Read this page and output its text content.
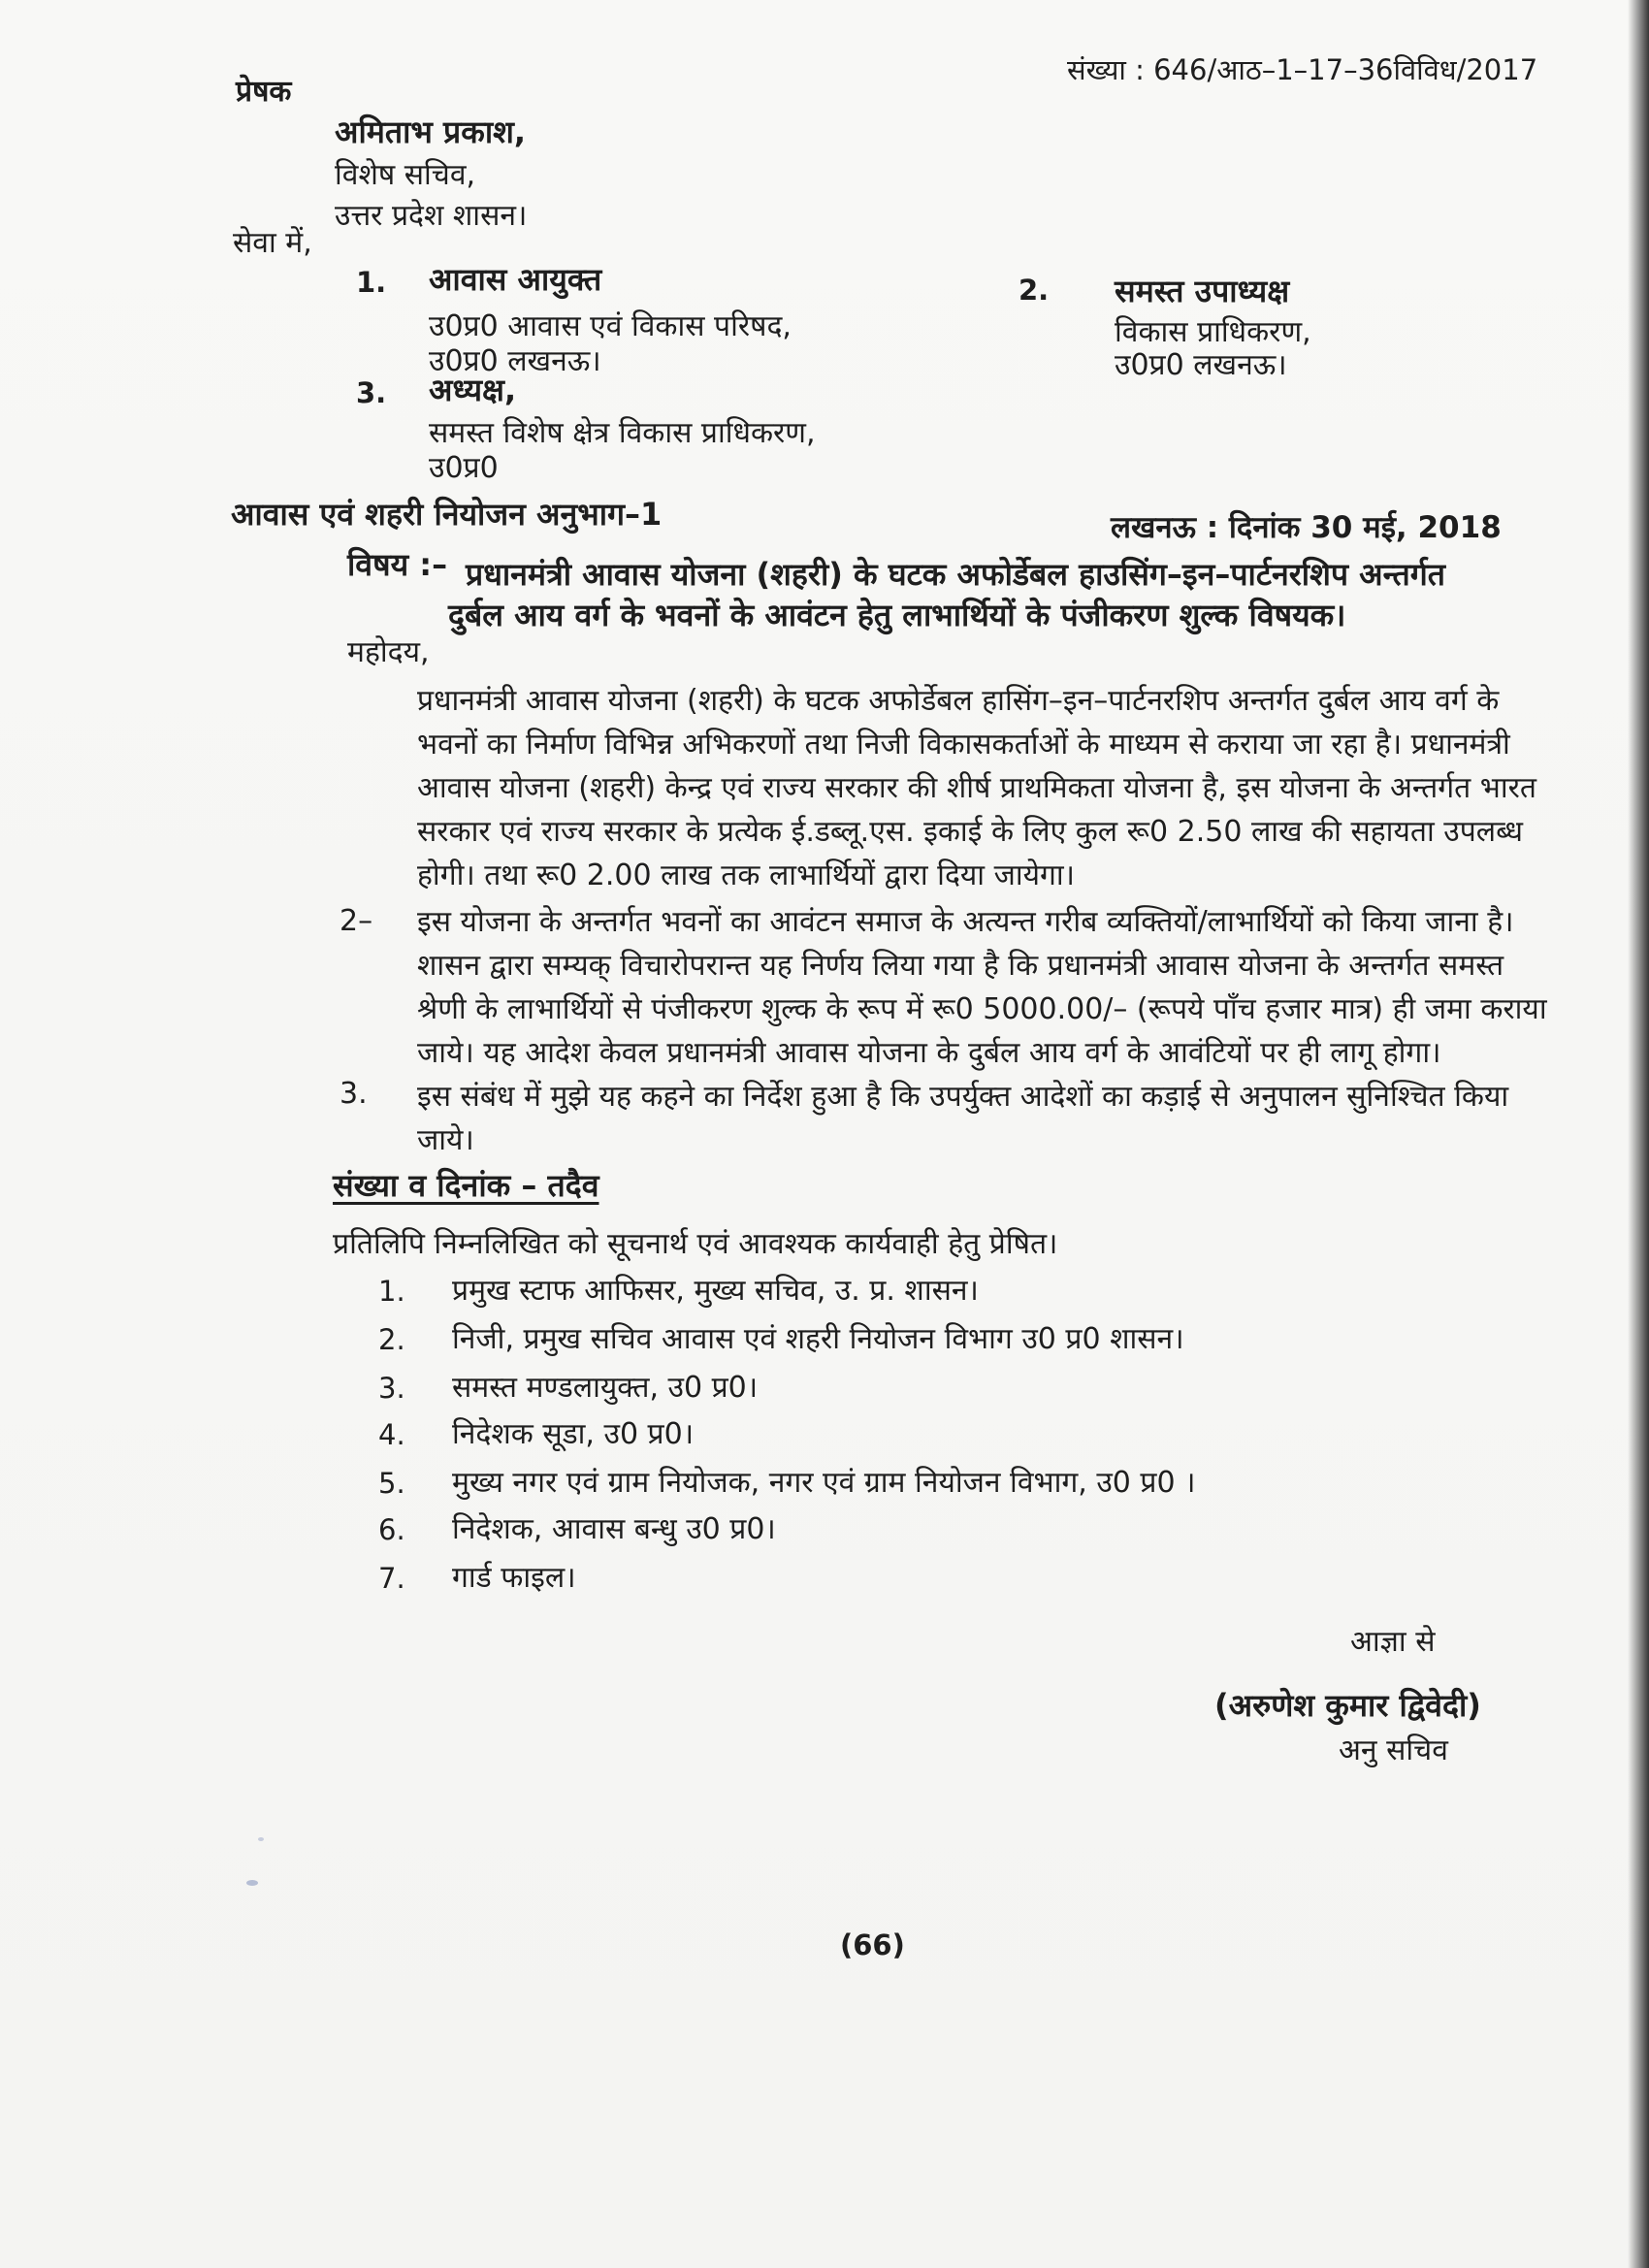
संख्या : 646/आठ–1–17–36विविध/2017
प्रेषक
अमिताभ प्रकाश,
विशेष सचिव,
उत्तर प्रदेश शासन।
सेवा में,
1. आवास आयुक्त
उ0प्र0 आवास एवं विकास परिषद,
उ0प्र0 लखनऊ।
2. समस्त उपाध्यक्ष
विकास प्राधिकरण,
उ0प्र0 लखनऊ।
3. अध्यक्ष,
समस्त विशेष क्षेत्र विकास प्राधिकरण,
उ0प्र0
आवास एवं शहरी नियोजन अनुभाग–1	लखनऊ : दिनांक 30 मई, 2018
विषय :– प्रधानमंत्री आवास योजना (शहरी) के घटक अफोर्डेबल हाउसिंग–इन–पार्टनरशिप अन्तर्गत
दुर्बल आय वर्ग के भवनों के आवंटन हेतु लाभार्थियों के पंजीकरण शुल्क विषयक।
महोदय,
प्रधानमंत्री आवास योजना (शहरी) के घटक अफोर्डेबल हासिंग–इन–पार्टनरशिप अन्तर्गत दुर्बल आय वर्ग के
भवनों का निर्माण विभिन्न अभिकरणों तथा निजी विकासकर्ताओं के माध्यम से कराया जा रहा है। प्रधानमंत्री
आवास योजना (शहरी) केन्द्र एवं राज्य सरकार की शीर्ष प्राथमिकता योजना है, इस योजना के अन्तर्गत भारत
सरकार एवं राज्य सरकार के प्रत्येक ई.डब्लू.एस. इकाई के लिए कुल रू0 2.50 लाख की सहायता उपलब्ध
होगी। तथा रू0 2.00 लाख तक लाभार्थियों द्वारा दिया जायेगा।
2– इस योजना के अन्तर्गत भवनों का आवंटन समाज के अत्यन्त गरीब व्यक्तियों/लाभार्थियों को किया जाना है।
शासन द्वारा सम्यक् विचारोपरान्त यह निर्णय लिया गया है कि प्रधानमंत्री आवास योजना के अन्तर्गत समस्त
श्रेणी के लाभार्थियों से पंजीकरण शुल्क के रूप में रू0 5000.00/– (रूपये पाँच हजार मात्र) ही जमा कराया
जाये। यह आदेश केवल प्रधानमंत्री आवास योजना के दुर्बल आय वर्ग के आवंटियों पर ही लागू होगा।
3. इस संबंध में मुझे यह कहने का निर्देश हुआ है कि उपर्युक्त आदेशों का कड़ाई से अनुपालन सुनिश्चित किया
जाये।
संख्या व दिनांक – तदैव
प्रतिलिपि निम्नलिखित को सूचनार्थ एवं आवश्यक कार्यवाही हेतु प्रेषित।
1. प्रमुख स्टाफ आफिसर, मुख्य सचिव, उ. प्र. शासन।
2. निजी, प्रमुख सचिव आवास एवं शहरी नियोजन विभाग उ0 प्र0 शासन।
3. समस्त मण्डलायुक्त, उ0 प्र0।
4. निदेशक सूडा, उ0 प्र0।
5. मुख्य नगर एवं ग्राम नियोजक, नगर एवं ग्राम नियोजन विभाग, उ0 प्र0 ।
6. निदेशक, आवास बन्धु उ0 प्र0।
7. गार्ड फाइल।
आज्ञा से
(अरुणेश कुमार द्विवेदी)
अनु सचिव
(66)
